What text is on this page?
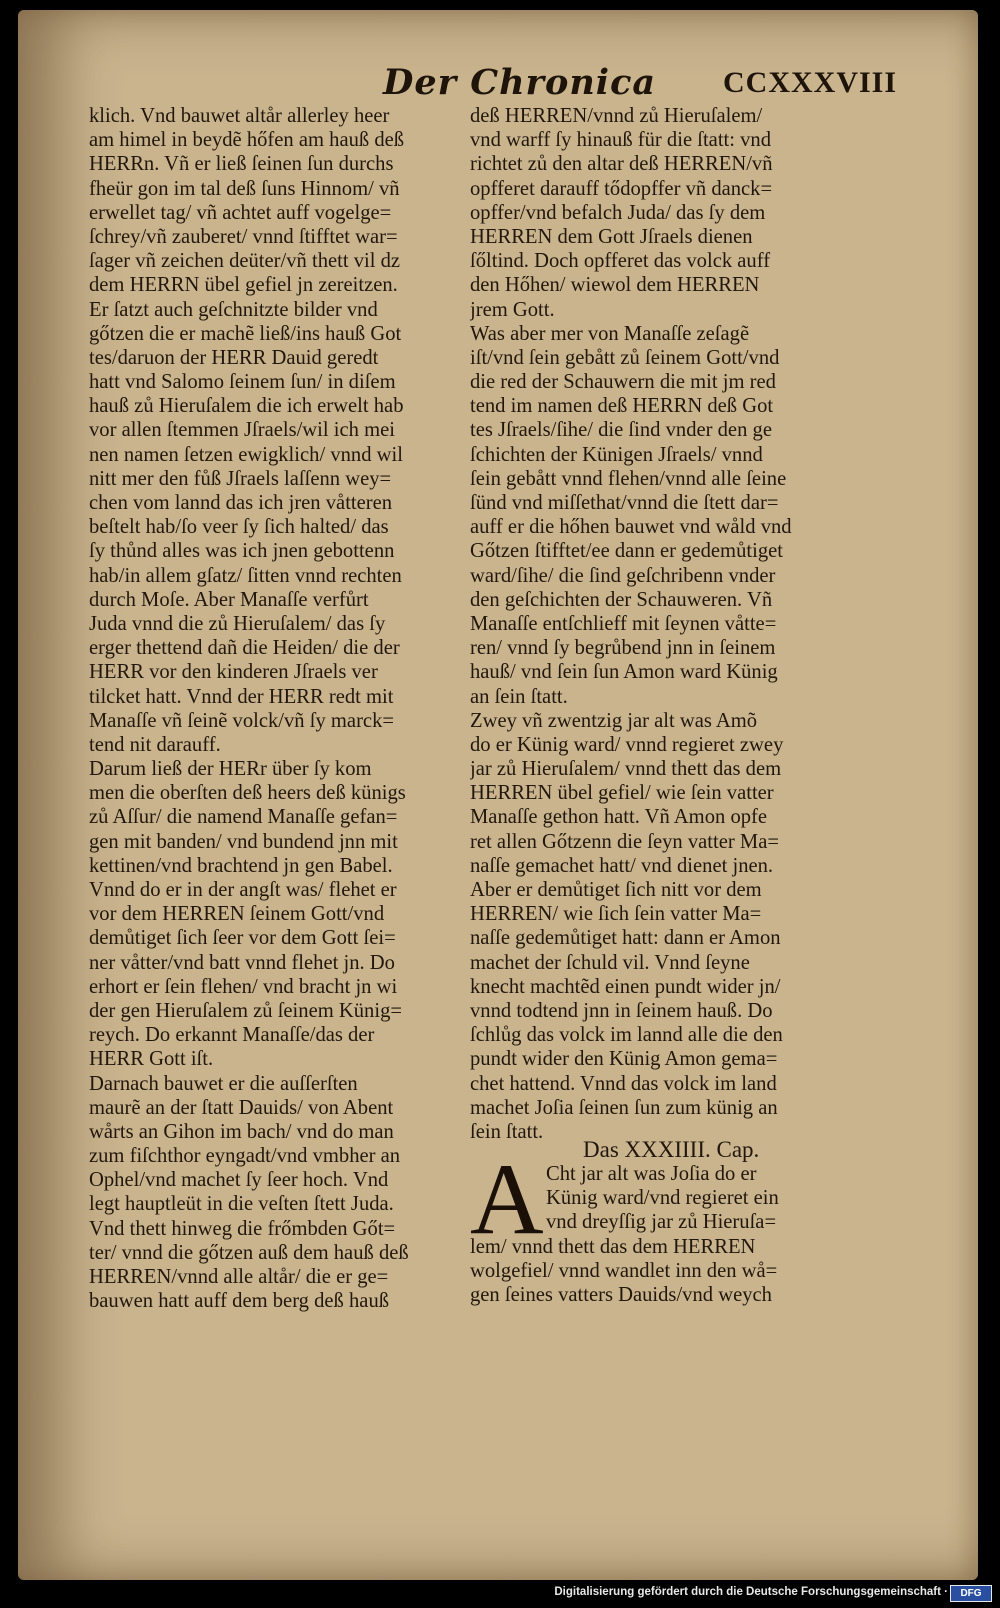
Der Chronica CCXXXVIII
klich. Vnd bauwet altår allerley heer
am himel in beydẽ hőfen am hauß deß
HERRn. Vñ er ließ ſeinen ſun durchs
fheür gon im tal deß ſuns Hinnom/ vñ
erwellet tag/ vñ achtet auff vogelge=
ſchrey/vñ zauberet/ vnnd ſtifftet war=
ſager vñ zeichen deüter/vñ thett vil dz
dem HERRN übel gefiel jn zereitzen.
Er ſatzt auch geſchnitzte bilder vnd
gőtzen die er machẽ ließ/ins hauß Got
tes/daruon der HERR Dauid geredt
hatt vnd Salomo ſeinem ſun/ in diſem
hauß zů Hieruſalem die ich erwelt hab
vor allen ſtemmen Jſraels/wil ich mei
nen namen ſetzen ewigklich/ vnnd wil
nitt mer den fůß Jſraels laſſenn wey=
chen vom lannd das ich jren våtteren
beſtelt hab/ſo veer ſy ſich halted/ das
ſy thůnd alles was ich jnen gebottenn
hab/in allem gſatz/ ſitten vnnd rechten
durch Moſe. Aber Manaſſe verfůrt
Juda vnnd die zů Hieruſalem/ das ſy
erger thettend dañ die Heiden/ die der
HERR vor den kinderen Jſraels ver
tilcket hatt. Vnnd der HERR redt mit
Manaſſe vñ ſeinẽ volck/vñ ſy marck=
tend nit darauff.
Darum ließ der HERr über ſy kom
men die oberſten deß heers deß künigs
zů Aſſur/ die namend Manaſſe gefan=
gen mit banden/ vnd bundend jnn mit
kettinen/vnd brachtend jn gen Babel.
Vnnd do er in der angſt was/ flehet er
vor dem HERREN ſeinem Gott/vnd
demůtiget ſich ſeer vor dem Gott ſei=
ner våtter/vnd batt vnnd flehet jn. Do
erhort er ſein flehen/ vnd bracht jn wi
der gen Hieruſalem zů ſeinem Künig=
reych. Do erkannt Manaſſe/das der
HERR Gott iſt.
Darnach bauwet er die auſſerſten
maurẽ an der ſtatt Dauids/ von Abent
wårts an Gihon im bach/ vnd do man
zum fiſchthor eyngadt/vnd vmbher an
Ophel/vnd machet ſy ſeer hoch. Vnd
legt hauptleüt in die veſten ſtett Juda.
Vnd thett hinweg die frőmbden Gőt=
ter/ vnnd die gőtzen auß dem hauß deß
HERREN/vnnd alle altår/ die er ge=
bauwen hatt auff dem berg deß hauß
deß HERREN/vnnd zů Hieruſalem/
vnd warff ſy hinauß für die ſtatt: vnd
richtet zů den altar deß HERREN/vñ
opfferet darauff tődopffer vñ danck=
opffer/vnd befalch Juda/ das ſy dem
HERREN dem Gott Jſraels dienen
ſőltind. Doch opfferet das volck auff
den Hőhen/ wiewol dem HERREN
jrem Gott.
Was aber mer von Manaſſe zeſagẽ
iſt/vnd ſein gebått zů ſeinem Gott/vnd
die red der Schauwern die mit jm red
tend im namen deß HERRN deß Got
tes Jſraels/ſihe/ die ſind vnder den ge
ſchichten der Künigen Jſraels/ vnnd
ſein gebått vnnd flehen/vnnd alle ſeine
ſünd vnd miſſethat/vnnd die ſtett dar=
auff er die hőhen bauwet vnd wåld vnd
Gőtzen ſtifftet/ee dann er gedemůtiget
ward/ſihe/ die ſind geſchribenn vnder
den geſchichten der Schauweren. Vñ
Manaſſe entſchlieff mit ſeynen våtte=
ren/ vnnd ſy begrůbend jnn in ſeinem
hauß/ vnd ſein ſun Amon ward Künig
an ſein ſtatt.
Zwey vñ zwentzig jar alt was Amõ
do er Künig ward/ vnnd regieret zwey
jar zů Hieruſalem/ vnnd thett das dem
HERREN übel gefiel/ wie ſein vatter
Manaſſe gethon hatt. Vñ Amon opfe
ret allen Gőtzenn die ſeyn vatter Ma=
naſſe gemachet hatt/ vnd dienet jnen.
Aber er demůtiget ſich nitt vor dem
HERREN/ wie ſich ſein vatter Ma=
naſſe gedemůtiget hatt: dann er Amon
machet der ſchuld vil. Vnnd ſeyne
knecht machtẽd einen pundt wider jn/
vnnd todtend jnn in ſeinem hauß. Do
ſchlůg das volck im lannd alle die den
pundt wider den Künig Amon gema=
chet hattend. Vnnd das volck im land
machet Joſia ſeinen ſun zum künig an
ſein ſtatt.
Das XXXIIII. Cap.
A Cht jar alt was Joſia do er
Künig ward/vnd regieret ein
vnd dreyſſig jar zů Hieruſa=
lem/ vnnd thett das dem HERREN
wolgefiel/ vnnd wandlet inn den wå=
gen ſeines vatters Dauids/vnd weych
Digitalisierung gefördert durch die Deutsche Forschungsgemeinschaft ·	DFG
